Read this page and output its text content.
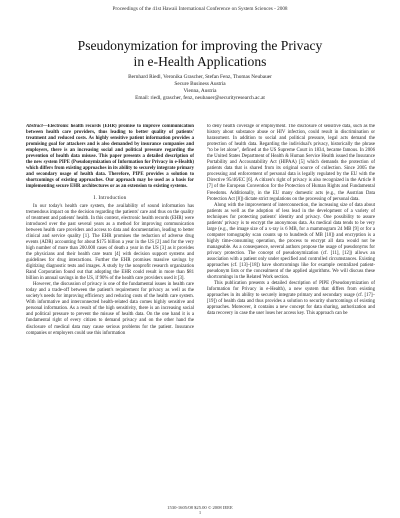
Proceedings of the 41st Hawaii International Conference on System Sciences - 2008
Pseudonymization for improving the Privacy
in e-Health Applications
Bernhard Riedl, Veronika Grascher, Stefan Fenz, Thomas Neubauer
Secure Business Austria
Vienna, Austria
Email: riedl, grascher, fenz, neubauer@securityresearch.ac.at

Abstract—Electronic health records (EHR) promise to improve communication between health care providers, thus leading to better quality of patients' treatment and reduced costs. As highly sensitive patient information provides a promising goal for attackers and is also demanded by insurance companies and employers, there is an increasing social and political pressure regarding the prevention of health data misuse. This paper presents a detailed description of the new system PIPE (Pseudonymization of Information for Privacy in e-Health) which differs from existing approaches in its ability to securely integrate primary and secondary usage of health data. Therefore, PIPE provides a solution to shortcomings of existing approaches. Our approach may be used as a basis for implementing secure EHR architectures or as an extension to existing systems.

I. Introduction

In our today's health care system, the availability of sound information has tremendous impact on the decision regarding the patients' care and thus on the quality of treatment and patients' health. In this context, electronic health records (EHR) were introduced over the past several years as a method for improving communication between health care providers and access to data and documentation, leading to better clinical and service quality [1]. The EHR promises the reduction of adverse drug events (ADR) accounting for about $175 billion a year in the US [2] and for the very high number of more than 200.000 cases of death a year in the US [3] as it provides the physicians and their health care team [4] with decision support systems and guidelines for drug interactions. Further the EHR promises massive savings by digitizing diagnostic tests and images. A study by the nonprofit research organization Rand Corporation found out that adopting the EHR could result in more than $81 billion in annual savings in the US, if 90% of the health care providers used it [3].

However, the discussion of privacy is one of the fundamental issues in health care today and a trade-off between the patient's requirement for privacy as well as the society's needs for improving efficiency and reducing costs of the health care system. With informative and interconnected health-related data comes highly sensitive and personal information. As a result of the high sensitivity, there is an increasing social and political pressure to prevent the misuse of health data. On the one hand it is a fundamental right of every citizen to demand privacy and on the other hand the disclosure of medical data may cause serious problems for the patient. Insurance companies or employers could use this information

to deny health coverage or employment. The disclosure of sensitive data, such as the history about substance abuse or HIV infection, could result in discrimination or harassment. In addition to social and political pressure, legal acts demand the protection of health data. Regarding the individual's privacy, historically the phrase "to be let alone", defined at the US Supreme Court in 1834, became famous. In 2006 the United States Department of Health & Human Service Health issued the Insurance Portability and Accountability Act (HIPAA) [5] which demands the protection of patients data that is shared from its original source of collection. Since 2005 the processing and enforcement of personal data is legally regulated by the EU with the Directive 95/46/EC [6]. A citizen's right of privacy is also recognized in the Article 8 [7] of the European Convention for the Protection of Human Rights and Fundamental Freedoms. Additionally, in the EU many domestic acts (e.g., the Austrian Data Protection Act [8]) dictate strict regulations on the processing of personal data.

Along with the improvement of interconnection, the increasing size of data about patients as well as the adoption of less lead in the development of a variety of techniques for protecting patients' identity and privacy. One possibility to assure patients' privacy is to encrypt the anonymous data. As medical data tends to be very large (e.g., the image size of a x-ray is 6 MB, for a mammogram 24 MB [9] or for a computer tomography scan counts up to hundreds of MB [10]) and encryption is a highly time-consuming operation, the process to encrypt all data would not be manageable. As a consequence, several authors propose the usage of pseudonyms for privacy protection. The concept of pseudonymization (cf. [11], [12]) allows an association with a patient only under specified and controlled circumstances. Existing approaches (cf. [13]–[18]) have shortcomings like for example centralized patient-pseudonym lists or the concealment of the applied algorithms. We will discuss these shortcomings in the Related Work section.

This publication presents a detailed description of PIPE (Pseudonymization of Information for Privacy in e-Health), a new system that differs from existing approaches in its ability to securely integrate primary and secondary usage (cf. [17]–[19]) of health data and thus provides a solution to security shortcomings of existing approaches. Moreover, it contains a new concept for data sharing, authorization and data recovery in case the user loses her access key. This approach can be

1530-1605/08 $25.00 © 2008 IEEE
1
